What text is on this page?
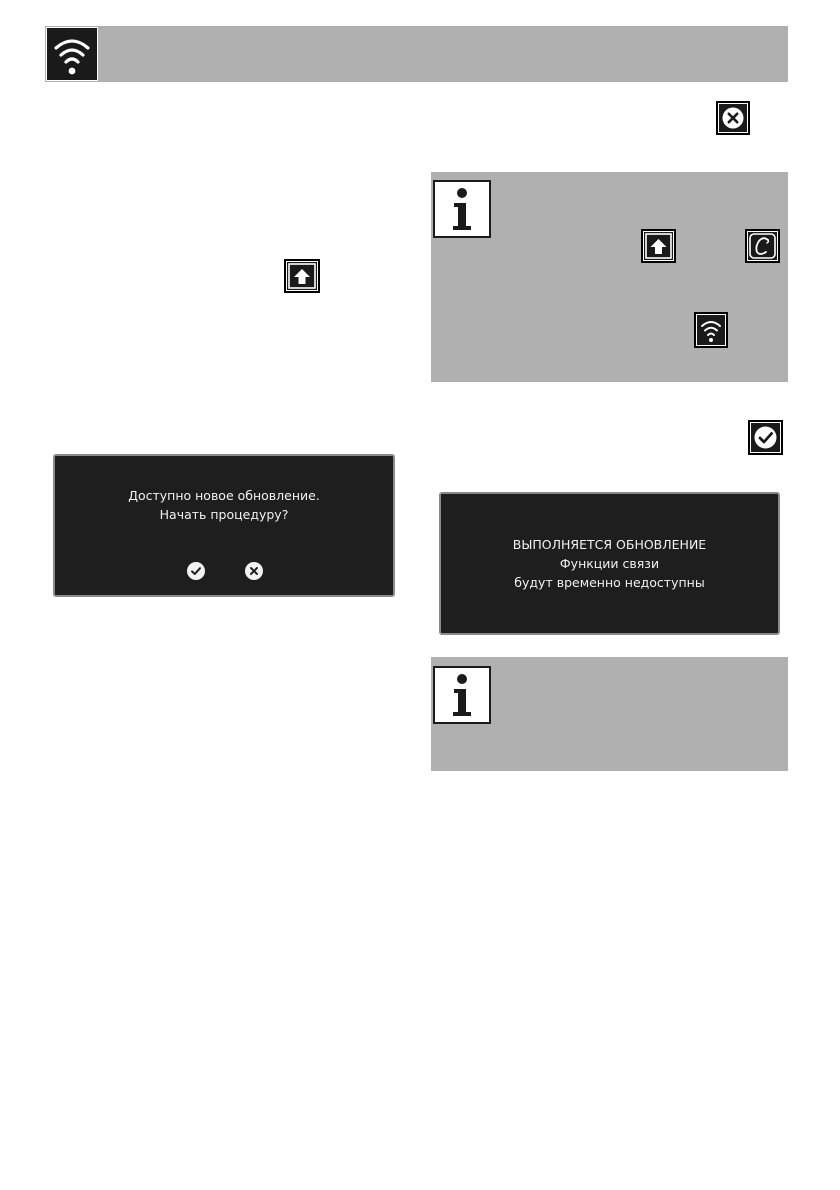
Доступно новое обновление.
Начать процедуру?
ВЫПОЛНЯЕТСЯ ОБНОВЛЕНИЕ
Функции связи
будут временно недоступны
